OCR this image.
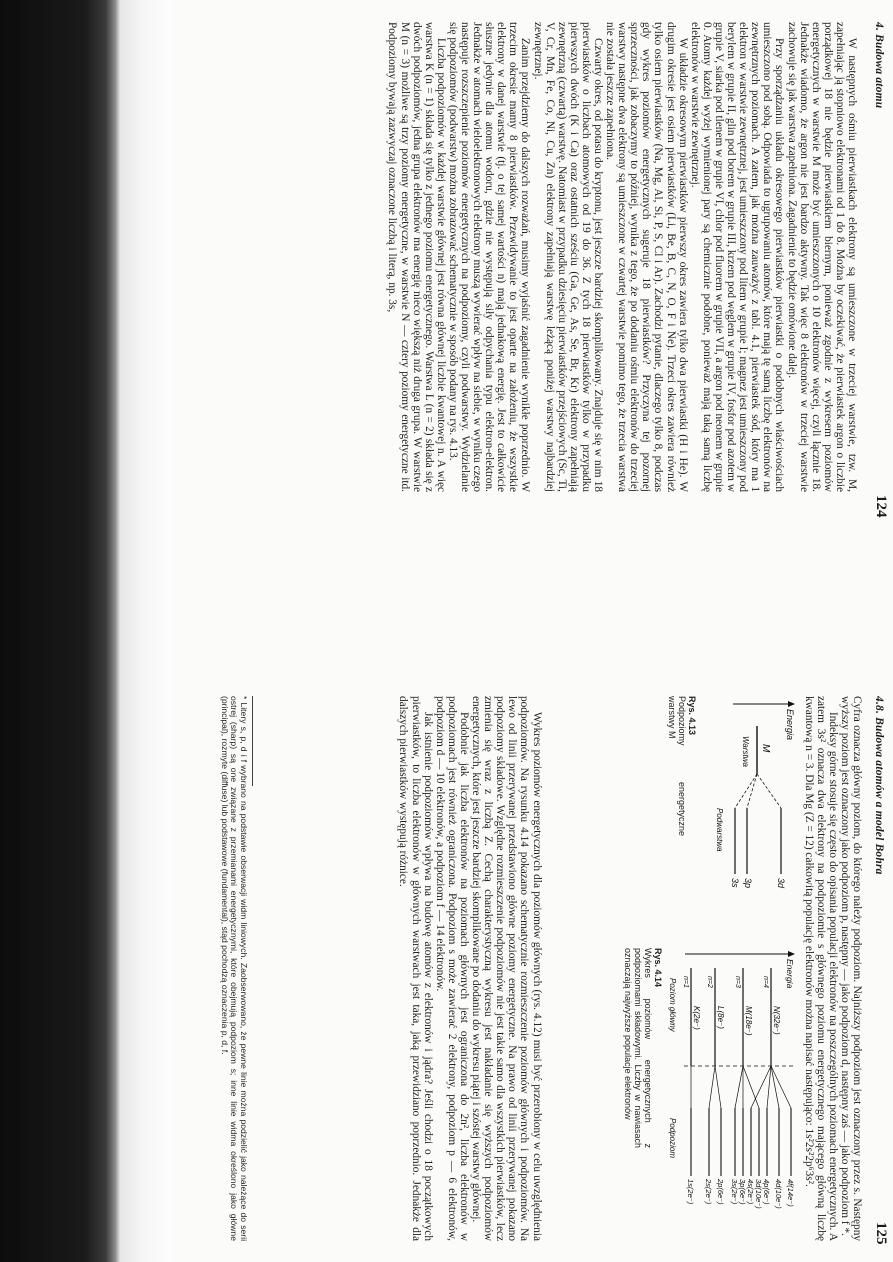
4. Budowa atomu
124

W następnych ośmiu pierwiastkach elektrony są umieszczone w trzeciej warstwie, tzw. M, zapełniając ją stopniowo elektronami od 1 do 8. Można by oczekiwać, że pierwiastek argon o liczbie porządkowej 18 nie będzie pierwiastkiem biernym, ponieważ zgodnie z wykresem poziomów energetycznych w warstwie M może być umieszczonych o 10 elektronów więcej, czyli łącznie 18. Jednakże wiadomo, że argon nie jest bardzo aktywny. Tak więc 8 elektronów w trzeciej warstwie zachowuje się jak warstwa zapełniona. Zagadnienie to będzie omówione dalej.

Przy sporządzaniu układu okresowego pierwiastków pierwiastki o podobnych właściwościach umieszczono pod sobą. Odpowiada to ugrupowaniu atomów, które mają tę samą liczbę elektronów na zewnętrznych poziomach. A zatem, jak można zauważyć z tabl. 4.1, pierwiastek sód, który ma 1 elektron w warstwie zewnętrznej, jest umieszczony pod litem w grupie I; magnez jest umieszczony pod berylem w grupie II, glin pod borem w grupie III, krzem pod węglem w grupie IV, fosfor pod azotem w grupie V, siarka pod tlenem w grupie VI, chlor pod fluorem w grupie VII, a argon pod neonem w grupie 0. Atomy każdej wyżej wymienionej pary są chemicznie podobne, ponieważ mają taką samą liczbę elektronów w warstwie zewnętrznej.

W układzie okresowym pierwiastków pierwszy okres zawiera tylko dwa pierwiastki (H i He). W drugim okresie jest osiem pierwiastków (Li, Be, B, C, N, O, F i Ne). Trzeci okres zawiera również tylko osiem pierwiastków (Na, Mg, Al, Si, P, S, Cl i Ar). Zachodzi pytanie, dlaczego tylko 8, podczas gdy wykres poziomów energetycznych sugeruje 18 pierwiastków? Przyczyna tej pozornej sprzeczności, jak zobaczymy to później, wynika z tego, że po dodaniu ośmiu elektronów do trzeciej warstwy następne dwa elektrony są umieszczone w czwartej warstwie pomimo tego, że trzecia warstwa nie została jeszcze zapełniona.

Czwarty okres, od potasu do kryptonu, jest jeszcze bardziej skomplikowany. Znajduje się w nim 18 pierwiastków o liczbach atomowych od 19 do 36. Z tych 18 pierwiastków tylko w przypadku pierwszych dwóch (K i Ca) oraz ostatnich sześciu (Ga, Ge, As, Se, Br, Kr) elektrony zapełniają zewnętrzną (czwartą) warstwę. Natomiast w przypadku dziesięciu pierwiastków przejściowych (Sc, Ti, V, Cr, Mn, Fe, Co, Ni, Cu, Zn) elektrony zapełniają warstwę leżącą poniżej warstwy najbardziej zewnętrznej.

Zanim przejdziemy do dalszych rozważań, musimy wyjaśnić zagadnienie wynikłe poprzednio. W trzecim okresie mamy 8 pierwiastków. Przewidywanie to jest oparte na założeniu, że wszystkie elektrony w danej warstwie (tj. o tej samej wartości n) mają jednakową energię. Jest to całkowicie słuszne jedynie dla atomu wodoru, gdzie nie występują siły odpychania typu elektron-elektron. Jednakże w atomach wieloelektronowych elektrony muszą wywierać wpływ na siebie, w wyniku czego następuje rozszczepienie poziomów energetycznych na podpoziomy, czyli podwarstwy. Wydzielanie się podpoziomów (podwarstw) można zobrazować schematycznie w sposób podany na rys. 4.13.

Liczba podpoziomów w każdej warstwie głównej jest równa głównej liczbie kwantowej n. A więc warstwa K (n = 1) składa się tylko z jednego poziomu energetycznego. Warstwa L (n = 2) składa się z dwóch podpoziomów, jedna grupa elektronów ma energię nieco większą niż druga grupa. W warstwie M (n = 3) możliwe są trzy poziomy energetyczne, w warstwie N — cztery poziomy energetyczne itd. Podpoziomy bywają zazwyczaj oznaczone liczbą i literą, np. 3s,

4.8. Budowa atomów a model Bohra
125

Cyfra oznacza główny poziom, do którego należy podpoziom. Najniższy podpoziom jest oznaczony przez s. Następny wyższy poziom jest oznaczony jako podpoziom p, następny — jako podpoziom d, następny zaś — jako podpoziom f *.

Indeksy górne stosuje się często do opisania populacji elektronów na poszczególnych poziomach energetycznych. A zatem 3s² oznacza dwa elektrony na podpoziomie s głównego poziomu energetycznego mającego główną liczbę kwantową n = 3. Dla Mg (Z = 12) całkowitą populację elektronów można napisać następująco: 1s²2s²2p⁶3s².

Energia
M
Warstwa
3d
3p
3s
Podwarstwa
Rys. 4.13
Podpoziomy energetyczne warstwy M
Energia
N(32e⁻)
n=4
M(18e⁻)
n=3
L(8e⁻)
n=2
K(2e⁻)
n=1
4f(14e⁻)
4d(10e⁻)
4p(6e⁻)
3d(10e⁻)
4s(2e⁻)
3p(6e⁻)
3s(2e⁻)
2p(6e⁻)
2s(2e⁻)
1s(2e⁻)
Poziom główny
Podpoziom
Rys. 4.14
Wykres poziomów energetycznych z podpoziomami składowymi. Liczby w nawiasach oznaczają najwyższe populacje elektronów

Wykres poziomów energetycznych dla poziomów głównych (rys. 4.12) musi być przerobiony w celu uwzględnienia podpoziomów. Na rysunku 4.14 pokazano schematycznie rozmieszczenie poziomów głównych i podpoziomów. Na lewo od linii przerywanej przedstawiono główne poziomy energetyczne. Na prawo od linii przerywanej pokazano podpoziomy składowe. Względne rozmieszczenie podpoziomów nie jest takie samo dla wszystkich pierwiastków, lecz zmienia się wraz z liczbą Z. Cechą charakterystyczną wykresu jest nakładanie się wyższych podpoziomów energetycznych, które jest jeszcze bardziej skomplikowane po dodaniu do wykresu piątej i szóstej warstwy głównej.

Podobnie jak liczba elektronów na poziomach głównych jest ograniczona do 2n², liczba elektronów w podpoziomach jest również ograniczona. Podpoziom s może zawierać 2 elektrony, podpoziom p — 6 elektronów, podpoziom d — 10 elektronów, a podpoziom f — 14 elektronów.

Jak istnienie podpoziomów wpływa na budowę atomów z elektronów i jądra? Jeśli chodzi o 18 początkowych pierwiastków, to liczba elektronów w głównych warstwach jest taka, jaką przewidziano poprzednio. Jednakże dla dalszych pierwiastków występują różnice.

* Litery s, p, d i f wybrano na podstawie obserwacji widm liniowych. Zaobserwowano, że pewne linie można podzielić jako należące do serii ostrej (sharp) są one związane z przemianami energetycznymi, które obejmują podpoziom s; inne linie widma określono jako główne (principal), rozmyte (diffuse) lub podstawowe (fundamental), stąd pochodzą oznaczenia p, d, f.
